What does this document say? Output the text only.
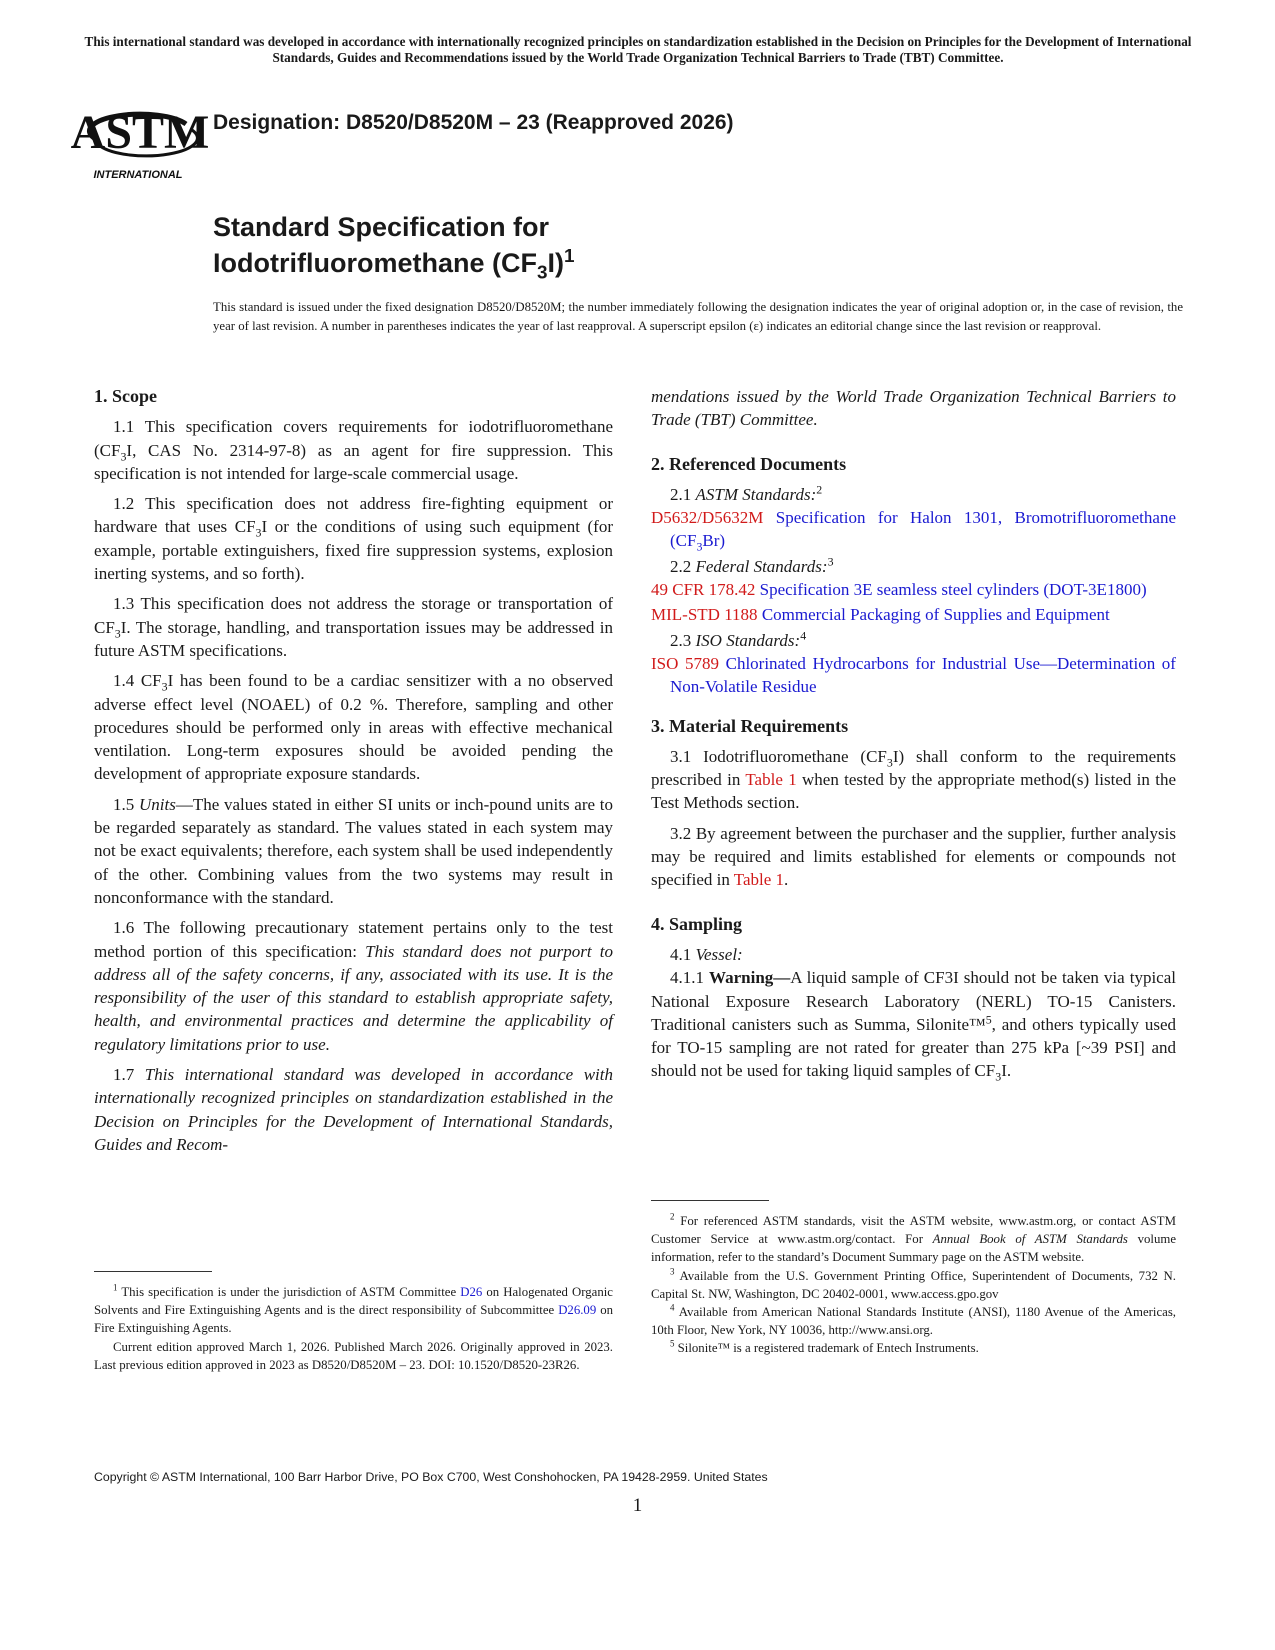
This international standard was developed in accordance with internationally recognized principles on standardization established in the Decision on Principles for the Development of International Standards, Guides and Recommendations issued by the World Trade Organization Technical Barriers to Trade (TBT) Committee.
ASTM
INTERNATIONAL
Designation: D8520/D8520M – 23 (Reapproved 2026)
Standard Specification for
Iodotrifluoromethane $(CF_3I)^1$
This standard is issued under the fixed designation D8520/D8520M; the number immediately following the designation indicates the year of original adoption or, in the case of revision, the year of last revision. A number in parentheses indicates the year of last reapproval. A superscript epsilon (ε) indicates an editorial change since the last revision or reapproval.
1. Scope

1.1 This specification covers requirements for iodotrifluoromethane ($CF_3I$, CAS No. 2314-97-8) as an agent for fire suppression. This specification is not intended for large-scale commercial usage.

1.2 This specification does not address fire-fighting equipment or hardware that uses $CF_3I$ or the conditions of using such equipment (for example, portable extinguishers, fixed fire suppression systems, explosion inerting systems, and so forth).

1.3 This specification does not address the storage or transportation of $CF_3I$. The storage, handling, and transportation issues may be addressed in future ASTM specifications.

1.4 $CF_3I$ has been found to be a cardiac sensitizer with a no observed adverse effect level (NOAEL) of 0.2 %. Therefore, sampling and other procedures should be performed only in areas with effective mechanical ventilation. Long-term exposures should be avoided pending the development of appropriate exposure standards.

1.5 Units—The values stated in either SI units or inch-pound units are to be regarded separately as standard. The values stated in each system may not be exact equivalents; therefore, each system shall be used independently of the other. Combining values from the two systems may result in nonconformance with the standard.

1.6 The following precautionary statement pertains only to the test method portion of this specification: This standard does not purport to address all of the safety concerns, if any, associated with its use. It is the responsibility of the user of this standard to establish appropriate safety, health, and environmental practices and determine the applicability of regulatory limitations prior to use.

1.7 This international standard was developed in accordance with internationally recognized principles on standardization established in the Decision on Principles for the Development of International Standards, Guides and Recom-

$^1$ This specification is under the jurisdiction of ASTM Committee D26 on Halogenated Organic Solvents and Fire Extinguishing Agents and is the direct responsibility of Subcommittee D26.09 on Fire Extinguishing Agents.

Current edition approved March 1, 2026. Published March 2026. Originally approved in 2023. Last previous edition approved in 2023 as D8520/D8520M – 23. DOI: 10.1520/D8520-23R26.

mendations issued by the World Trade Organization Technical Barriers to Trade (TBT) Committee.

2. Referenced Documents

2.1 ASTM Standards:$^2$

D5632/D5632M Specification for Halon 1301, Bromotrifluoromethane $(CF_3Br)$

2.2 Federal Standards:$^3$

49 CFR 178.42 Specification 3E seamless steel cylinders (DOT-3E1800)

MIL-STD 1188 Commercial Packaging of Supplies and Equipment

2.3 ISO Standards:$^4$

ISO 5789 Chlorinated Hydrocarbons for Industrial Use—Determination of Non-Volatile Residue

3. Material Requirements

3.1 Iodotrifluoromethane $(CF_3I)$ shall conform to the requirements prescribed in Table 1 when tested by the appropriate method(s) listed in the Test Methods section.

3.2 By agreement between the purchaser and the supplier, further analysis may be required and limits established for elements or compounds not specified in Table 1.

4. Sampling

4.1 Vessel:

4.1.1 Warning—A liquid sample of CF3I should not be taken via typical National Exposure Research Laboratory (NERL) TO-15 Canisters. Traditional canisters such as Summa, Silonite™$^5$, and others typically used for TO-15 sampling are not rated for greater than 275 kPa [~39 PSI] and should not be used for taking liquid samples of $CF_3I$.

$^2$ For referenced ASTM standards, visit the ASTM website, www.astm.org, or contact ASTM Customer Service at www.astm.org/contact. For Annual Book of ASTM Standards volume information, refer to the standard’s Document Summary page on the ASTM website.

$^3$ Available from the U.S. Government Printing Office, Superintendent of Documents, 732 N. Capital St. NW, Washington, DC 20402-0001, www.access.gpo.gov

$^4$ Available from American National Standards Institute (ANSI), 1180 Avenue of the Americas, 10th Floor, New York, NY 10036, http://www.ansi.org.

$^5$ Silonite™ is a registered trademark of Entech Instruments.

Copyright © ASTM International, 100 Barr Harbor Drive, PO Box C700, West Conshohocken, PA 19428-2959. United States
1
